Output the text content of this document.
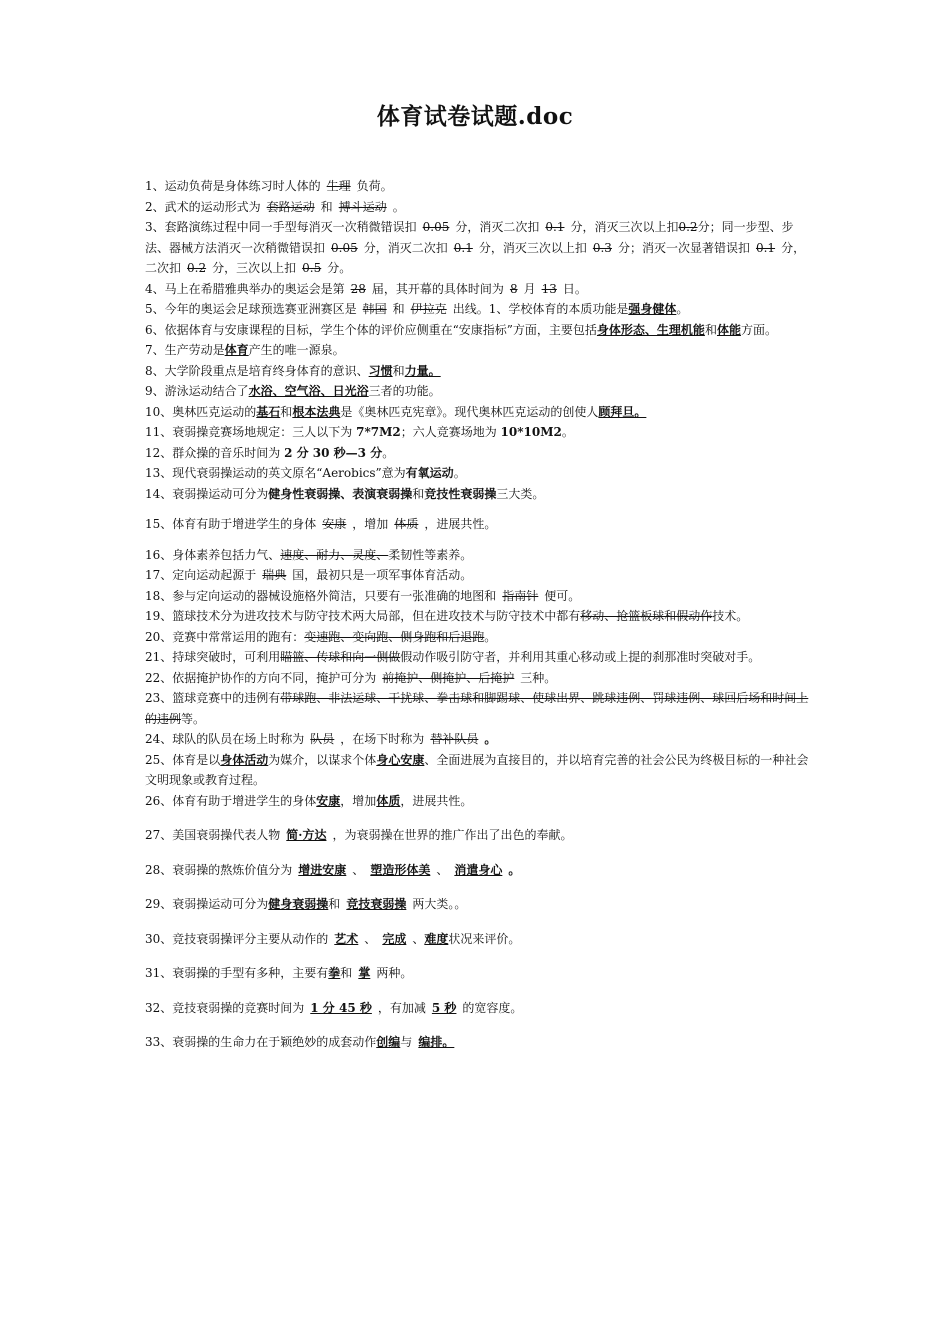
体育试卷试题.doc

1、运动负荷是身体练习时人体的 生理 负荷。

2、武术的运动形式为 套路运动 和 搏斗运动 。

3、套路演练过程中同一手型每消灭一次稍微错误扣 0.05 分，消灭二次扣 0.1 分，消灭三次以上扣0.2分；同一步型、步法、器械方法消灭一次稍微错误扣 0.05 分，消灭二次扣 0.1 分，消灭三次以上扣 0.3 分；消灭一次显著错误扣 0.1 分，二次扣 0.2 分，三次以上扣 0.5 分。

4、马上在希腊雅典举办的奥运会是第 28 届，其开幕的具体时间为 8 月 13 日。

5、今年的奥运会足球预选赛亚洲赛区是 韩国 和 伊拉克 出线。1、学校体育的本质功能是强身健体。

6、依据体育与安康课程的目标，学生个体的评价应侧重在“安康指标”方面，主要包括身体形态、生理机能和体能方面。

7、生产劳动是体育产生的唯一源泉。

8、大学阶段重点是培育终身体育的意识、习惯和力量。

9、游泳运动结合了水浴、空气浴、日光浴三者的功能。

10、奥林匹克运动的基石和根本法典是《奥林匹克宪章》。现代奥林匹克运动的创使人顾拜旦。

11、衰弱操竞赛场地规定：三人以下为 7*7M2；六人竞赛场地为 10*10M2。

12、群众操的音乐时间为 2 分 30 秒—3 分。

13、现代衰弱操运动的英文原名“Aerobics”意为有氧运动。

14、衰弱操运动可分为健身性衰弱操、表演衰弱操和竞技性衰弱操三大类。

15、体育有助于增进学生的身体 安康 ，增加 体质 ，进展共性。

16、身体素养包括力气、速度、耐力、灵度、柔韧性等素养。

17、定向运动起源于 瑞典 国，最初只是一项军事体育活动。

18、参与定向运动的器械设施格外简洁，只要有一张准确的地图和 指南针 便可。

19、篮球技术分为进攻技术与防守技术两大局部，但在进攻技术与防守技术中都有移动、抢篮板球和假动作技术。

20、竞赛中常常运用的跑有：变速跑、变向跑、侧身跑和后退跑。

21、持球突破时，可利用瞄篮、传球和向一侧做假动作吸引防守者，并利用其重心移动或上提的刹那准时突破对手。

22、依据掩护协作的方向不同，掩护可分为 前掩护、侧掩护、后掩护 三种。

23、篮球竞赛中的违例有带球跑、非法运球、干扰球、拳击球和脚踢球、使球出界、跳球违例、罚球违例、球回后场和时间上的违例等。

24、球队的队员在场上时称为 队员 ，在场下时称为 替补队员 。

25、体育是以身体活动为媒介，以谋求个体身心安康、全面进展为直接目的，并以培育完善的社会公民为终极目标的一种社会文明现象或教育过程。

26、体育有助于增进学生的身体安康，增加体质，进展共性。

27、美国衰弱操代表人物 简·方达 ，为衰弱操在世界的推广作出了出色的奉献。

28、衰弱操的熬炼价值分为 增进安康 、 塑造形体美 、 消遣身心 。

29、衰弱操运动可分为健身衰弱操和 竞技衰弱操 两大类。。

30、竞技衰弱操评分主要从动作的 艺术 、 完成 、难度状况来评价。

31、衰弱操的手型有多种，主要有拳和 掌 两种。

32、竞技衰弱操的竞赛时间为 1 分 45 秒 ，有加减 5 秒 的宽容度。

33、衰弱操的生命力在于颖绝妙的成套动作创编与 编排。
